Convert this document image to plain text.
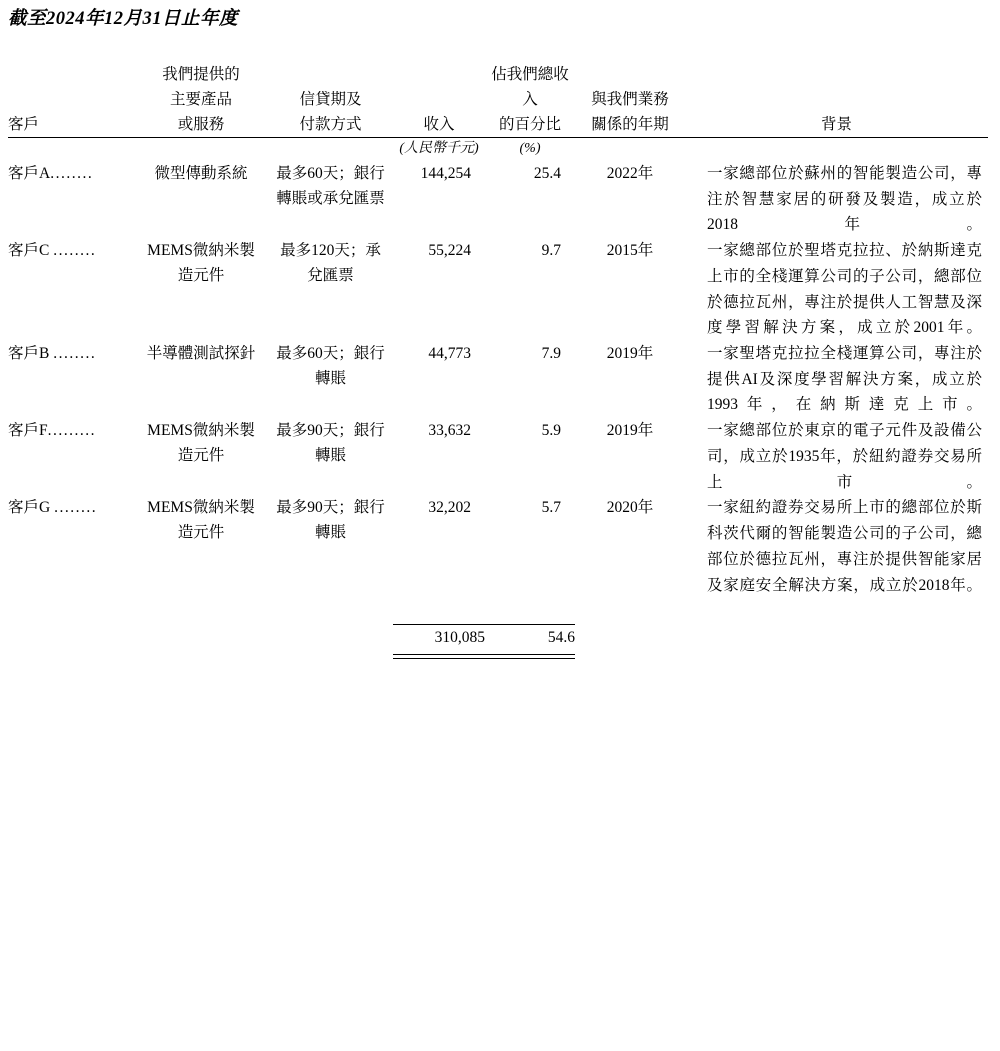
截至2024年12月31日止年度
	我們提供的			佔我們總收		
	主要產品	信貸期及		入	與我們業務	
客戶	或服務	付款方式	收入	的百分比	關係的年期	背景

			(人民幣千元)	(%)		
客戶A........	微型傳動系統	最多60天；銀行轉賬或承兌匯票	144,254	25.4	2022年	一家總部位於蘇州的智能製造公司，專注於智慧家居的研發及製造，成立於2018年。
客戶C ........	MEMS微納米製造元件	最多120天；承兌匯票	55,224	9.7	2015年	一家總部位於聖塔克拉拉、於納斯達克上市的全棧運算公司的子公司，總部位於德拉瓦州，專注於提供人工智慧及深度學習解決方案，成立於2001年。
客戶B ........	半導體測試探針	最多60天；銀行轉賬	44,773	7.9	2019年	一家聖塔克拉拉全棧運算公司，專注於提供AI及深度學習解決方案，成立於1993年，在納斯達克上市。
客戶F.........	MEMS微納米製造元件	最多90天；銀行轉賬	33,632	5.9	2019年	一家總部位於東京的電子元件及設備公司，成立於1935年，於紐約證券交易所上市。
客戶G ........	MEMS微納米製造元件	最多90天；銀行轉賬	32,202	5.7	2020年	一家紐約證券交易所上市的總部位於斯科茨代爾的智能製造公司的子公司，總部位於德拉瓦州，專注於提供智能家居及家庭安全解決方案，成立於2018年。

			310,085	54.6		
